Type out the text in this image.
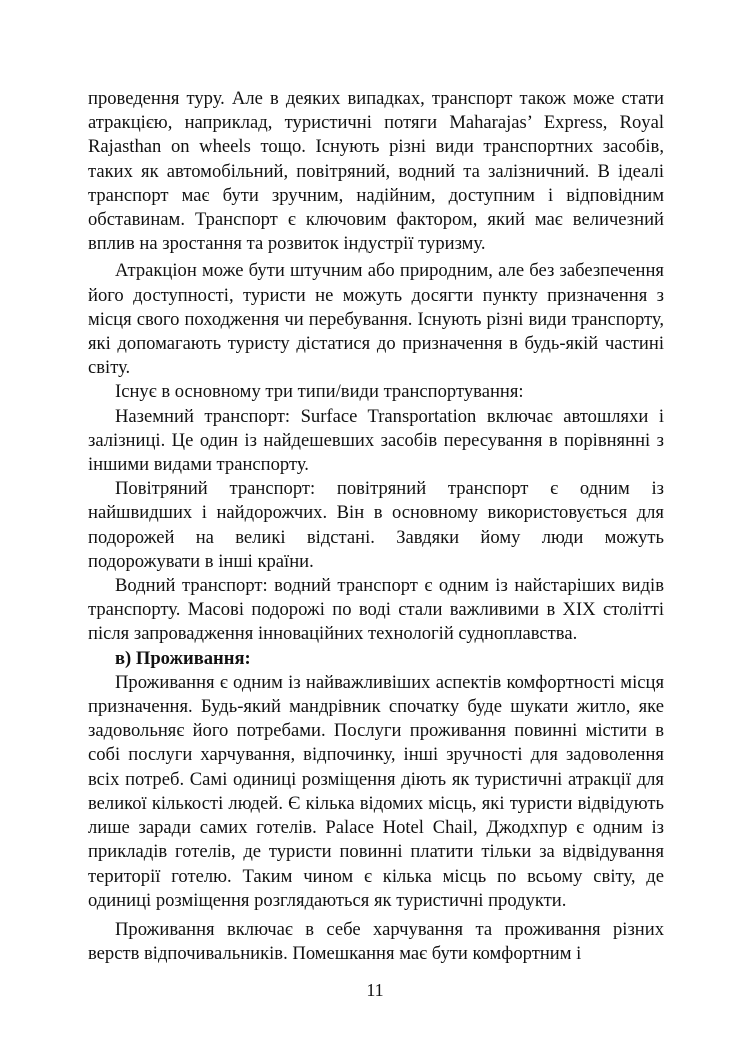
проведення туру. Але в деяких випадках, транспорт також може стати атракцією, наприклад, туристичні потяги Maharajas’ Express, Royal Rajasthan on wheels тощо. Існують різні види транспортних засобів, таких як автомобільний, повітряний, водний та залізничний. В ідеалі транспорт має бути зручним, надійним, доступним і відповідним обставинам. Транспорт є ключовим фактором, який має величезний вплив на зростання та розвиток індустрії туризму.

Атракціон може бути штучним або природним, але без забезпечення його доступності, туристи не можуть досягти пункту призначення з місця свого походження чи перебування. Існують різні види транспорту, які допомагають туристу дістатися до призначення в будь-якій частині світу.

Існує в основному три типи/види транспортування:

Наземний транспорт: Surface Transportation включає автошляхи і залізниці. Це один із найдешевших засобів пересування в порівнянні з іншими видами транспорту.

Повітряний транспорт: повітряний транспорт є одним із найшвидших і найдорожчих. Він в основному використовується для подорожей на великі відстані. Завдяки йому люди можуть подорожувати в інші країни.

Водний транспорт: водний транспорт є одним із найстаріших видів транспорту. Масові подорожі по воді стали важливими в XIX столітті після запровадження інноваційних технологій судноплавства.

в) Проживання:

Проживання є одним із найважливіших аспектів комфортності місця призначення. Будь-який мандрівник спочатку буде шукати житло, яке задовольняє його потребами. Послуги проживання повинні містити в собі послуги харчування, відпочинку, інші зручності для задоволення всіх потреб. Самі одиниці розміщення діють як туристичні атракції для великої кількості людей. Є кілька відомих місць, які туристи відвідують лише заради самих готелів. Palace Hotel Chail, Джодхпур є одним із прикладів готелів, де туристи повинні платити тільки за відвідування території готелю. Таким чином є кілька місць по всьому світу, де одиниці розміщення розглядаються як туристичні продукти.

Проживання включає в себе харчування та проживання різних верств відпочивальників. Помешкання має бути комфортним і

11
